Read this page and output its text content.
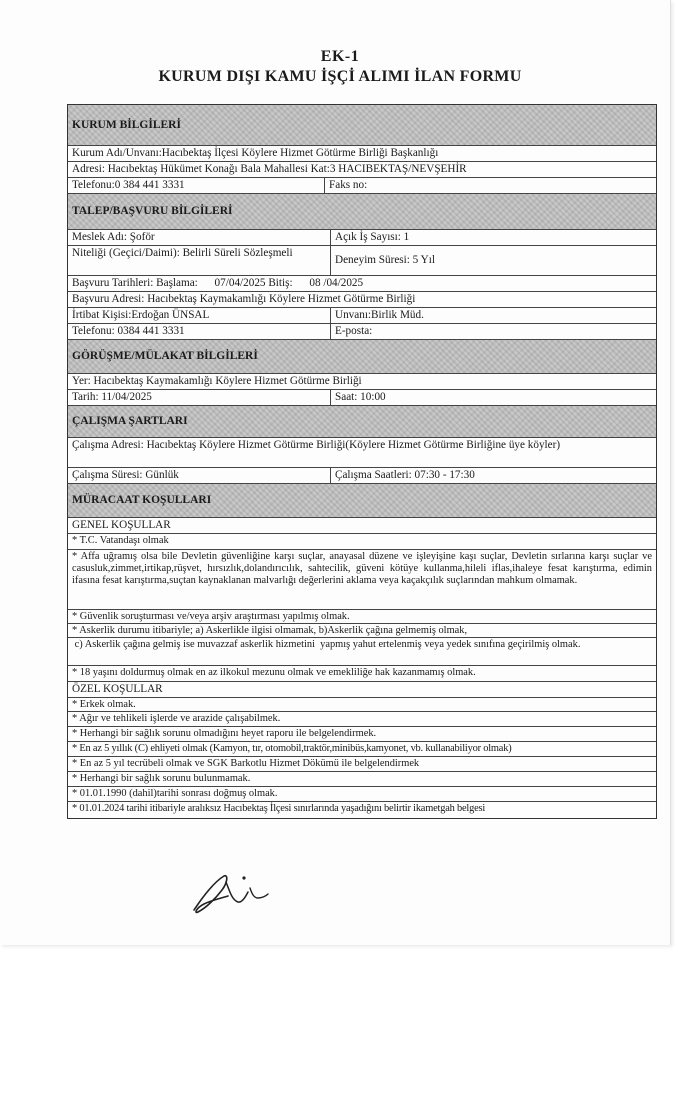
EK-1
KURUM DIŞI KAMU İŞÇİ ALIMI İLAN FORMU
KURUM BİLGİLERİ
Kurum Adı/Unvanı:Hacıbektaş İlçesi Köylere Hizmet Götürme Birliği Başkanlığı
Adresi: Hacıbektaş Hükümet Konağı Bala Mahallesi Kat:3 HACIBEKTAŞ/NEVŞEHİR
Telefonu:0 384 441 3331	Faks no:
TALEP/BAŞVURU BİLGİLERİ
Meslek Adı: Şoför	Açık İş Sayısı: 1
Niteliği (Geçici/Daimi): Belirli Süreli Sözleşmeli
Deneyim Süresi: 5 Yıl
Başvuru Tarihleri: Başlama:      07/04/2025 Bitiş:      08 /04/2025
Başvuru Adresi: Hacıbektaş Kaymakamlığı Köylere Hizmet Götürme Birliği
İrtibat Kişisi:Erdoğan ÜNSAL	Unvanı:Birlik Müd.
Telefonu: 0384 441 3331	E-posta:
GÖRÜŞME/MÜLAKAT BİLGİLERİ
Yer: Hacıbektaş Kaymakamlığı Köylere Hizmet Götürme Birliği
Tarih: 11/04/2025	Saat: 10:00
ÇALIŞMA ŞARTLARI
Çalışma Adresi: Hacıbektaş Köylere Hizmet Götürme Birliği(Köylere Hizmet Götürme Birliğine üye köyler)
Çalışma Süresi: Günlük	Çalışma Saatleri: 07:30 - 17:30
MÜRACAAT KOŞULLARI
GENEL KOŞULLAR
* T.C. Vatandaşı olmak
* Affa uğramış olsa bile Devletin güvenliğine karşı suçlar, anayasal düzene ve işleyişine kaşı suçlar, Devletin sırlarına karşı suçlar ve casusluk,zimmet,irtikap,rüşvet, hırsızlık,dolandırıcılık, sahtecilik, güveni kötüye kullanma,hileli iflas,ihaleye fesat karıştırma, edimin ifasına fesat karıştırma,suçtan kaynaklanan malvarlığı değerlerini aklama veya kaçakçılık suçlarından mahkum olmamak.
* Güvenlik soruşturması ve/veya arşiv araştırması yapılmış olmak.
* Askerlik durumu itibariyle; a) Askerlikle ilgisi olmamak, b)Askerlik çağına gelmemiş olmak,
c) Askerlik çağına gelmiş ise muvazzaf askerlik hizmetini  yapmış yahut ertelenmiş veya yedek sınıfına geçirilmiş olmak.
* 18 yaşını doldurmuş olmak en az ilkokul mezunu olmak ve emekliliğe hak kazanmamış olmak.
ÖZEL KOŞULLAR
* Erkek olmak.
* Ağır ve tehlikeli işlerde ve arazide çalışabilmek.
* Herhangi bir sağlık sorunu olmadığını heyet raporu ile belgelendirmek.
* En az 5 yıllık (C) ehliyeti olmak (Kamyon, tır, otomobil,traktör,minibüs,kamyonet, vb. kullanabiliyor olmak)
* En az 5 yıl tecrübeli olmak ve SGK Barkotlu Hizmet Dökümü ile belgelendirmek
* Herhangi bir sağlık sorunu bulunmamak.
* 01.01.1990 (dahil)tarihi sonrası doğmuş olmak.
* 01.01.2024 tarihi itibariyle aralıksız Hacıbektaş İlçesi sınırlarında yaşadığını belirtir ikametgah belgesi
